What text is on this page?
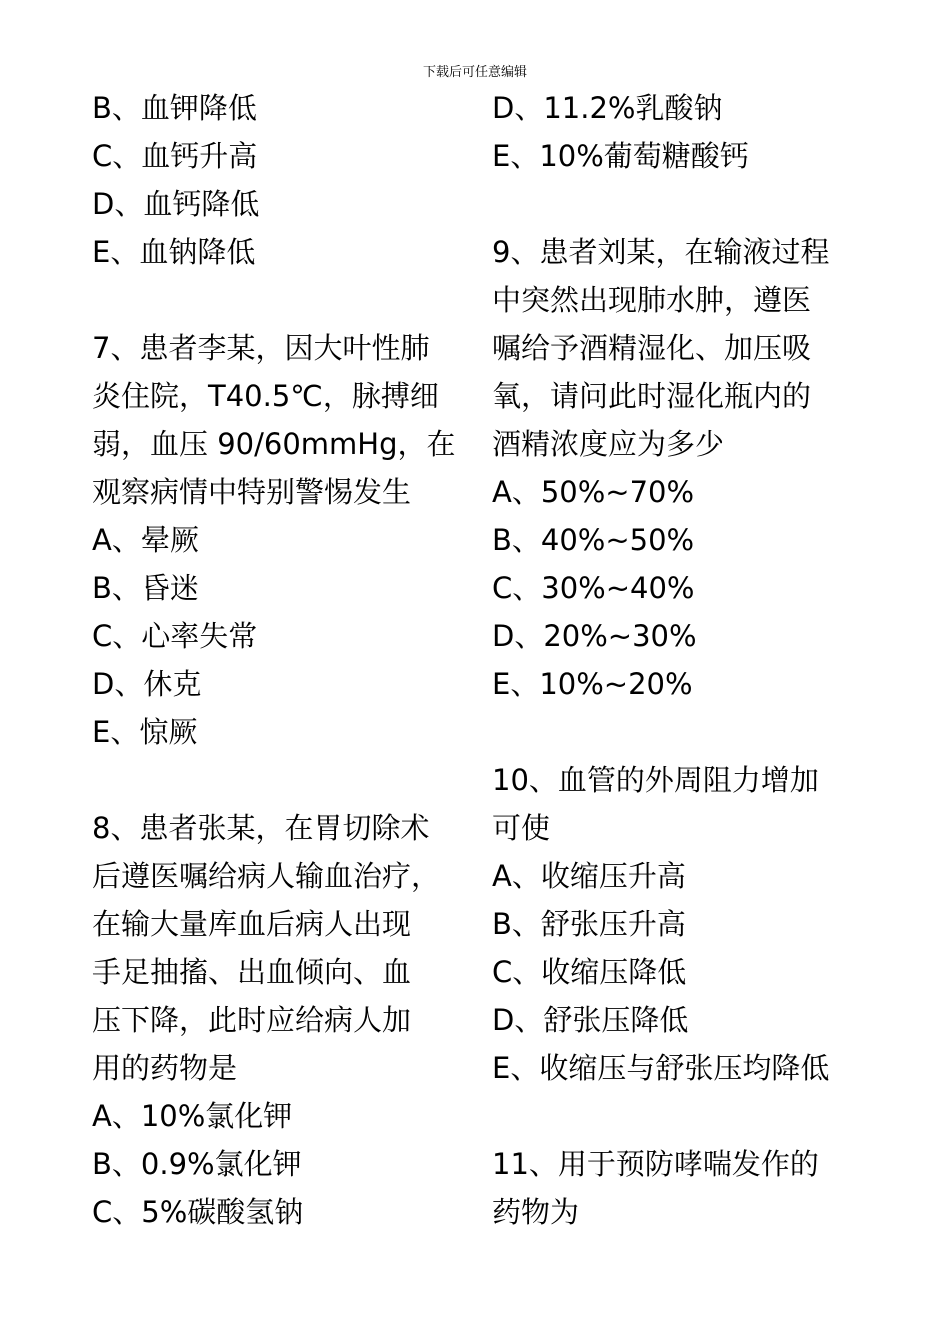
下载后可任意编辑
B、血钾降低
C、血钙升高
D、血钙降低
E、血钠降低
7、患者李某，因大叶性肺
炎住院，T40.5℃，脉搏细
弱，血压 90/60mmHg，在
观察病情中特别警惕发生
A、晕厥
B、昏迷
C、心率失常
D、休克
E、惊厥
8、患者张某，在胃切除术
后遵医嘱给病人输血治疗，
在输大量库血后病人出现
手足抽搐、出血倾向、血
压下降，此时应给病人加
用的药物是
A、10%氯化钾
B、0.9%氯化钾
C、5%碳酸氢钠
D、11.2%乳酸钠
E、10%葡萄糖酸钙
9、患者刘某，在输液过程
中突然出现肺水肿，遵医
嘱给予酒精湿化、加压吸
氧，请问此时湿化瓶内的
酒精浓度应为多少
A、50%~70%
B、40%~50%
C、30%~40%
D、20%~30%
E、10%~20%
10、血管的外周阻力增加
可使
A、收缩压升高
B、舒张压升高
C、收缩压降低
D、舒张压降低
E、收缩压与舒张压均降低
11、用于预防哮喘发作的
药物为
